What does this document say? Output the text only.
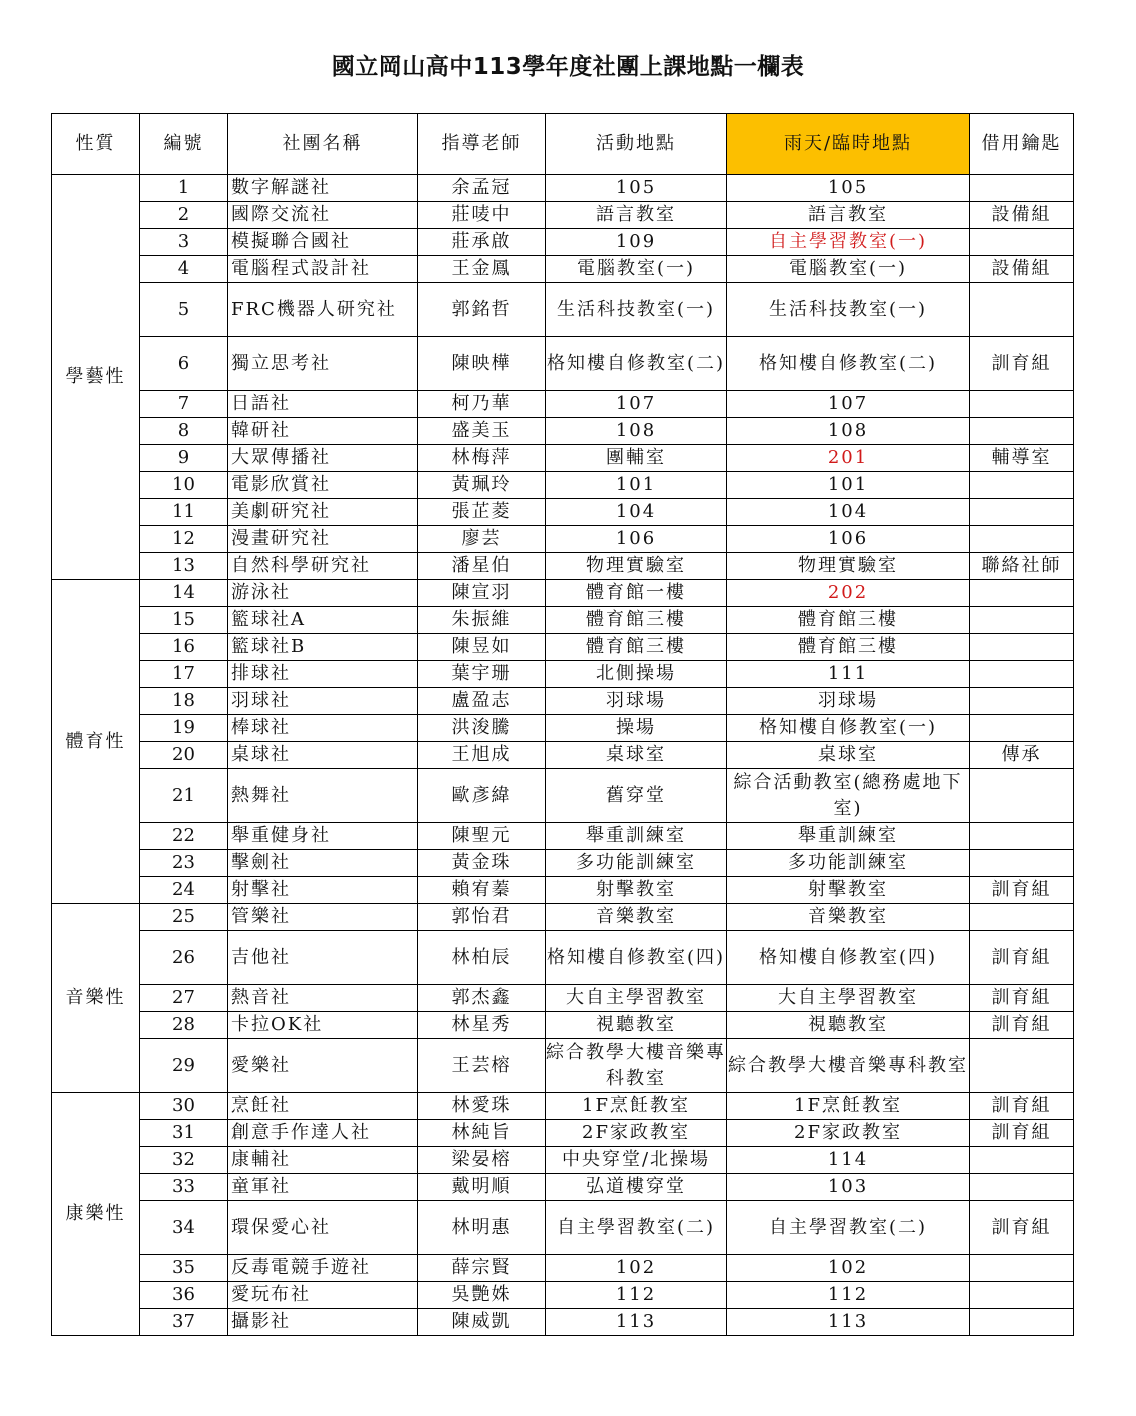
國立岡山高中113學年度社團上課地點一欄表
性質	編號	社團名稱	指導老師	活動地點	雨天/臨時地點	借用鑰匙
學藝性	1	數字解謎社	余孟冠	105	105	
	2	國際交流社	莊唛中	語言教室	語言教室	設備組
	3	模擬聯合國社	莊承啟	109	自主學習教室(一)	
	4	電腦程式設計社	王金鳳	電腦教室(一)	電腦教室(一)	設備組
	5	FRC機器人研究社	郭銘哲	生活科技教室(一)	生活科技教室(一)	
	6	獨立思考社	陳映樺	格知樓自修教室(二)	格知樓自修教室(二)	訓育組
	7	日語社	柯乃華	107	107	
	8	韓研社	盛美玉	108	108	
	9	大眾傳播社	林梅萍	團輔室	201	輔導室
	10	電影欣賞社	黃珮玲	101	101	
	11	美劇研究社	張芷菱	104	104	
	12	漫畫研究社	廖芸	106	106	
	13	自然科學研究社	潘星伯	物理實驗室	物理實驗室	聯絡社師
體育性	14	游泳社	陳宣羽	體育館一樓	202	
	15	籃球社A	朱振維	體育館三樓	體育館三樓	
	16	籃球社B	陳昱如	體育館三樓	體育館三樓	
	17	排球社	葉宇珊	北側操場	111	
	18	羽球社	盧盈志	羽球場	羽球場	
	19	棒球社	洪浚騰	操場	格知樓自修教室(一)	
	20	桌球社	王旭成	桌球室	桌球室	傳承
	21	熱舞社	歐彥緯	舊穿堂	綜合活動教室(總務處地下室)	
	22	舉重健身社	陳聖元	舉重訓練室	舉重訓練室	
	23	擊劍社	黃金珠	多功能訓練室	多功能訓練室	
	24	射擊社	賴宥蓁	射擊教室	射擊教室	訓育組
音樂性	25	管樂社	郭怡君	音樂教室	音樂教室	
	26	吉他社	林柏辰	格知樓自修教室(四)	格知樓自修教室(四)	訓育組
	27	熱音社	郭杰鑫	大自主學習教室	大自主學習教室	訓育組
	28	卡拉OK社	林星秀	視聽教室	視聽教室	訓育組
	29	愛樂社	王芸榕	綜合教學大樓音樂專科教室	綜合教學大樓音樂專科教室	
康樂性	30	烹飪社	林愛珠	1F烹飪教室	1F烹飪教室	訓育組
	31	創意手作達人社	林純旨	2F家政教室	2F家政教室	訓育組
	32	康輔社	梁晏榕	中央穿堂/北操場	114	
	33	童軍社	戴明順	弘道樓穿堂	103	
	34	環保愛心社	林明惠	自主學習教室(二)	自主學習教室(二)	訓育組
	35	反毒電競手遊社	薛宗賢	102	102	
	36	愛玩布社	吳艷姝	112	112	
	37	攝影社	陳威凱	113	113	
